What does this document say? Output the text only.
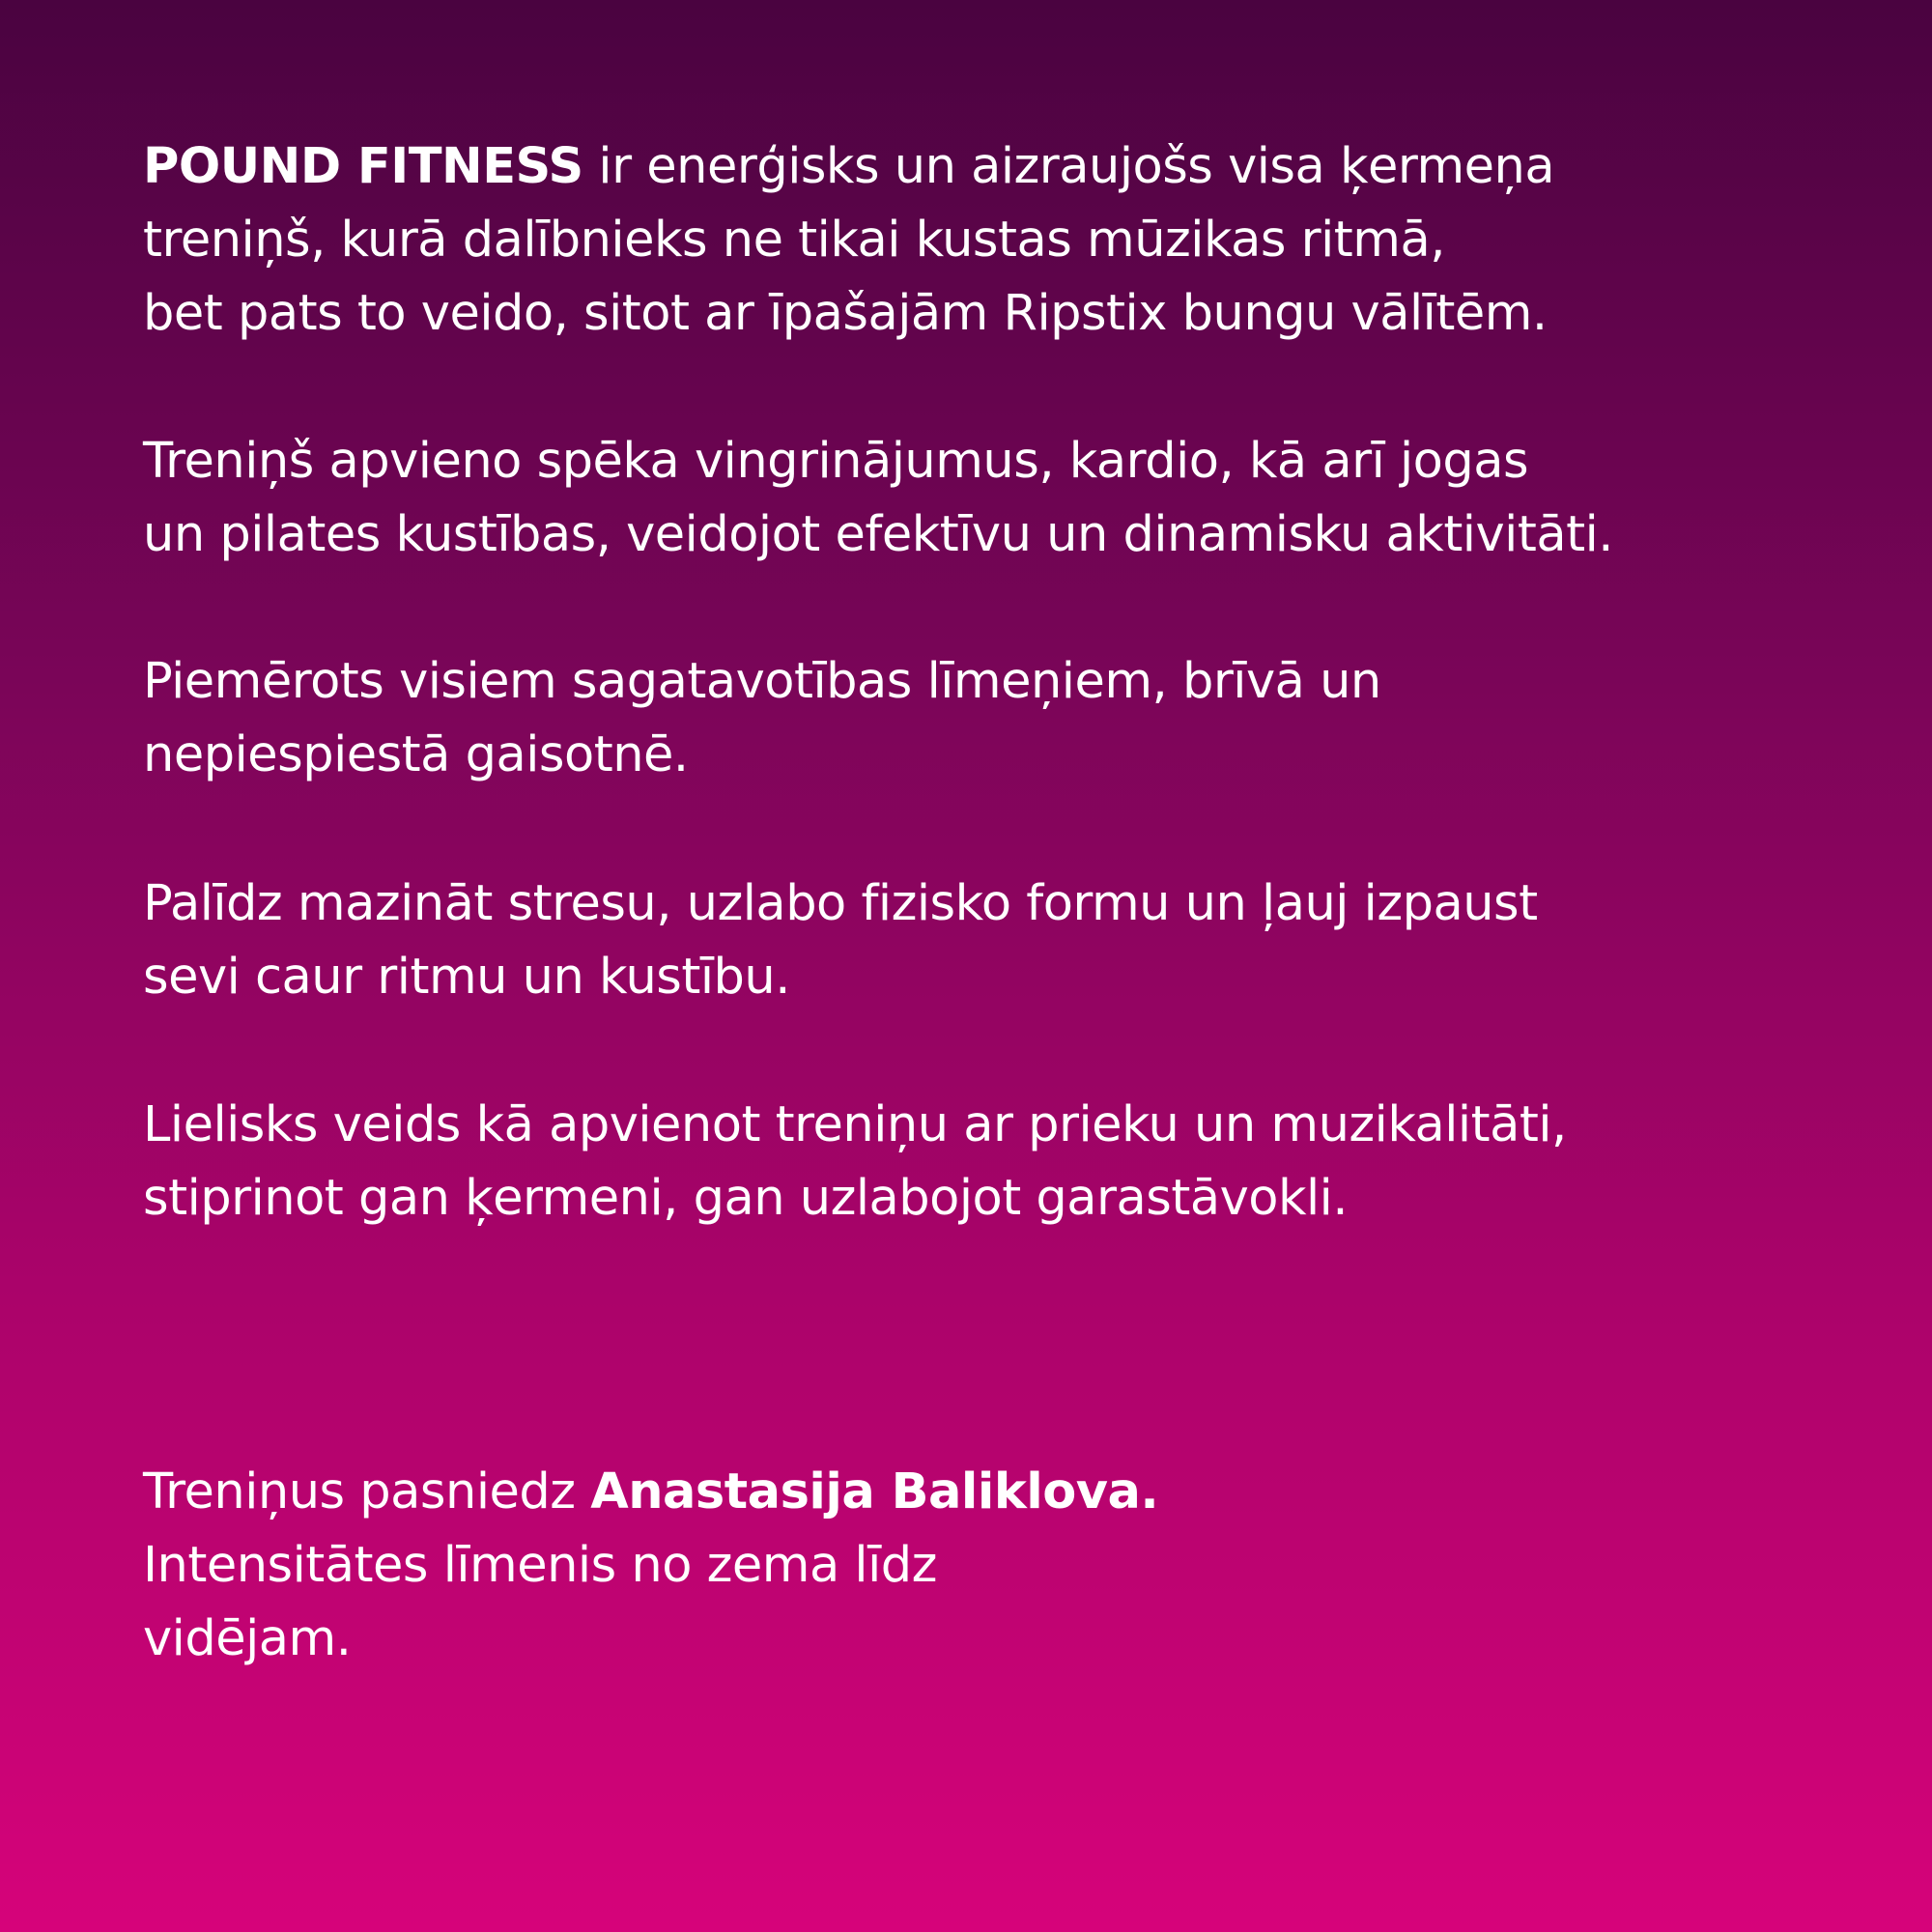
POUND FITNESS ir enerģisks un aizraujošs visa ķermeņa
treniņš, kurā dalībnieks ne tikai kustas mūzikas ritmā,
bet pats to veido, sitot ar īpašajām Ripstix bungu vālītēm.

Treniņš apvieno spēka vingrinājumus, kardio, kā arī jogas
un pilates kustības, veidojot efektīvu un dinamisku aktivitāti.

Piemērots visiem sagatavotības līmeņiem, brīvā un
nepiespiestā gaisotnē.

Palīdz mazināt stresu, uzlabo fizisko formu un ļauj izpaust
sevi caur ritmu un kustību.

Lielisks veids kā apvienot treniņu ar prieku un muzikalitāti,
stiprinot gan ķermeni, gan uzlabojot garastāvokli.

Treniņus pasniedz Anastasija Baliklova.
Intensitātes līmenis no zema līdz
vidējam.
